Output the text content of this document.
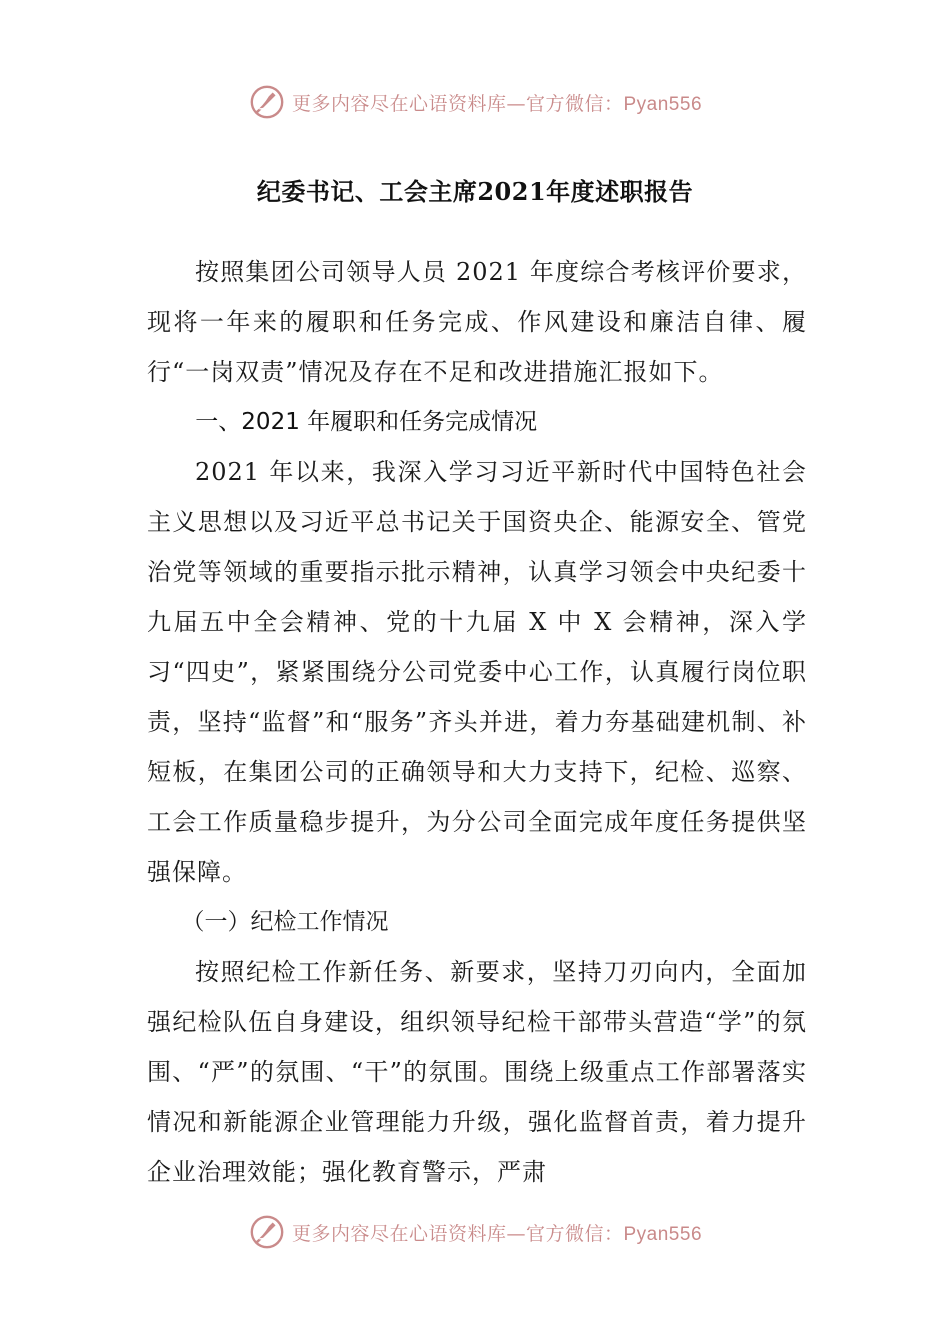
更多内容尽在心语资料库—官方微信：Pyan556
纪委书记、工会主席2021年度述职报告

按照集团公司领导人员 2021 年度综合考核评价要求，现将一年来的履职和任务完成、作风建设和廉洁自律、履行“一岗双责”情况及存在不足和改进措施汇报如下。

一、2021 年履职和任务完成情况

2021 年以来，我深入学习习近平新时代中国特色社会主义思想以及习近平总书记关于国资央企、能源安全、管党治党等领域的重要指示批示精神，认真学习领会中央纪委十九届五中全会精神、党的十九届 X 中 X 会精神，深入学习“四史”，紧紧围绕分公司党委中心工作，认真履行岗位职责，坚持“监督”和“服务”齐头并进，着力夯基础建机制、补短板，在集团公司的正确领导和大力支持下，纪检、巡察、工会工作质量稳步提升，为分公司全面完成年度任务提供坚强保障。

（一）纪检工作情况

按照纪检工作新任务、新要求，坚持刀刃向内，全面加强纪检队伍自身建设，组织领导纪检干部带头营造“学”的氛围、“严”的氛围、“干”的氛围。围绕上级重点工作部署落实情况和新能源企业管理能力升级，强化监督首责，着力提升企业治理效能；强化教育警示，严肃

更多内容尽在心语资料库—官方微信：Pyan556
